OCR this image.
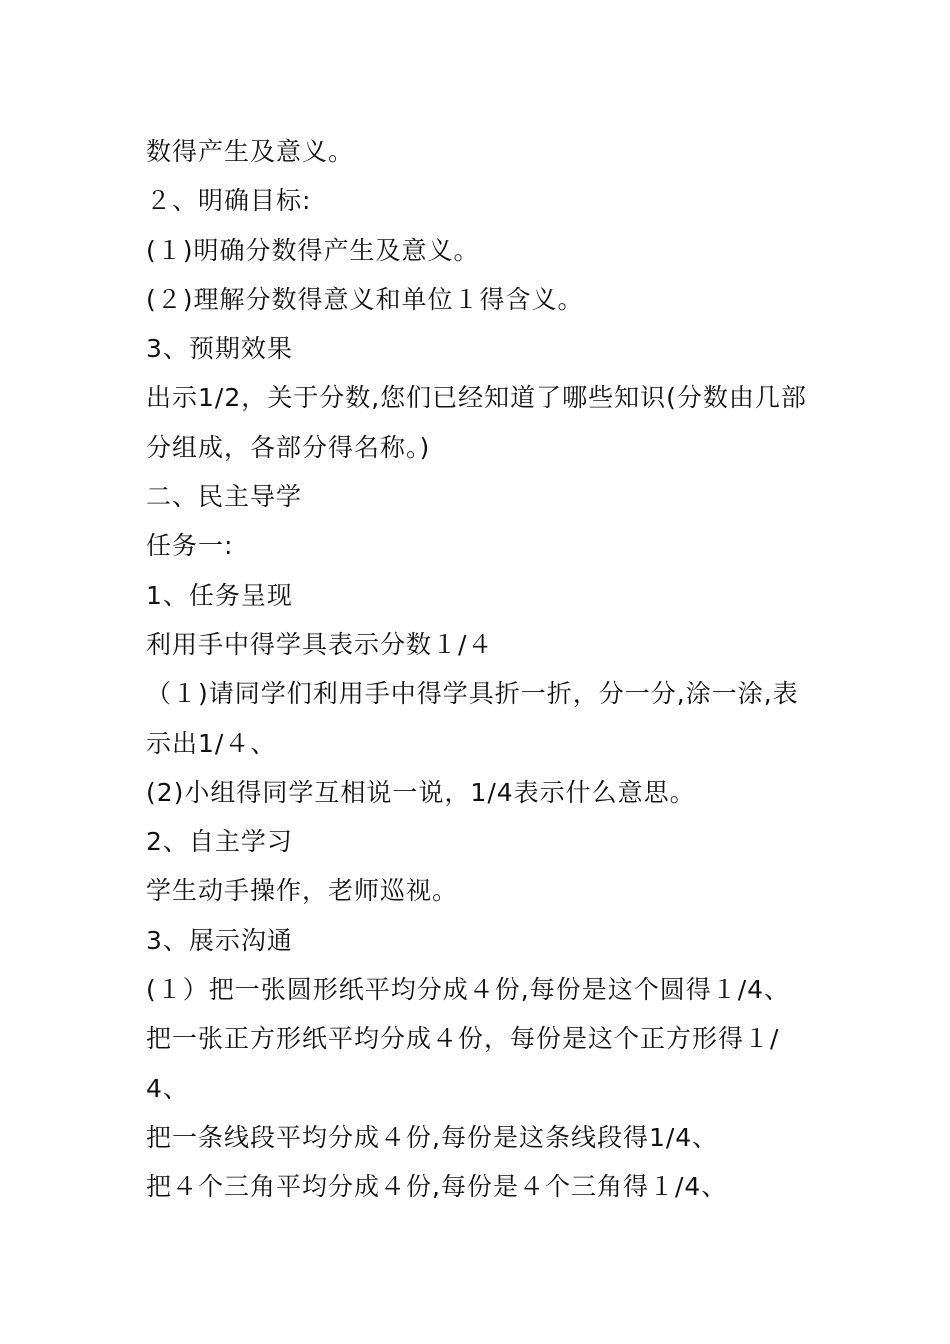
数得产生及意义。
２、明确目标:
(１)明确分数得产生及意义。
(２)理解分数得意义和单位１得含义。
3、预期效果
出示1/2，关于分数,您们已经知道了哪些知识(分数由几部
分组成，各部分得名称。)
二、民主导学
任务一:
1、任务呈现
利用手中得学具表示分数１/４
（１)请同学们利用手中得学具折一折，分一分,涂一涂,表
示出1/４、
(2)小组得同学互相说一说，1/4表示什么意思。
2、自主学习
学生动手操作，老师巡视。
3、展示沟通
(１）把一张圆形纸平均分成４份,每份是这个圆得１/4、
把一张正方形纸平均分成４份，每份是这个正方形得１/
4、
把一条线段平均分成４份,每份是这条线段得1/4、
把４个三角平均分成４份,每份是４个三角得１/4、
